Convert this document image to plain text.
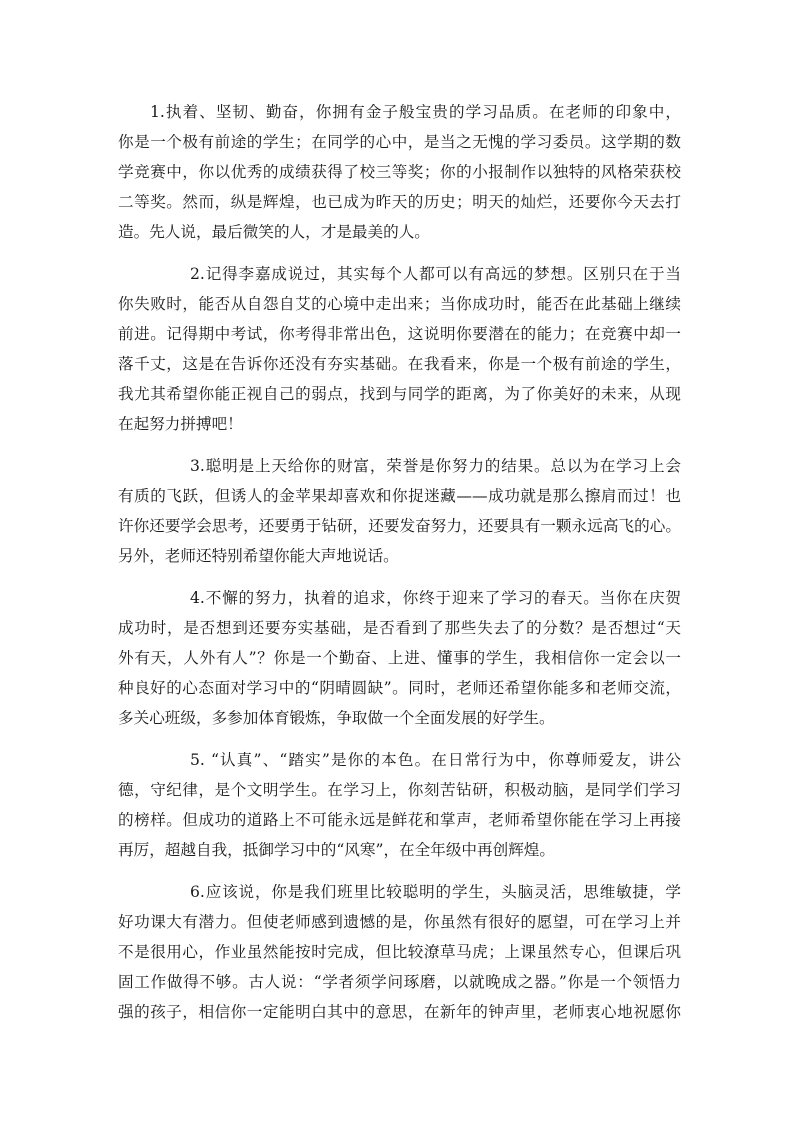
1.执着、坚韧、勤奋，你拥有金子般宝贵的学习品质。在老师的印象中，
你是一个极有前途的学生；在同学的心中，是当之无愧的学习委员。这学期的数
学竞赛中，你以优秀的成绩获得了校三等奖；你的小报制作以独特的风格荣获校
二等奖。然而，纵是辉煌，也已成为昨天的历史；明天的灿烂，还要你今天去打
造。先人说，最后微笑的人，才是最美的人。

2.记得李嘉成说过，其实每个人都可以有高远的梦想。区别只在于当
你失败时，能否从自怨自艾的心境中走出来；当你成功时，能否在此基础上继续
前进。记得期中考试，你考得非常出色，这说明你要潜在的能力；在竞赛中却一
落千丈，这是在告诉你还没有夯实基础。在我看来，你是一个极有前途的学生，
我尤其希望你能正视自己的弱点，找到与同学的距离，为了你美好的未来，从现
在起努力拼搏吧！

3.聪明是上天给你的财富，荣誉是你努力的结果。总以为在学习上会
有质的飞跃，但诱人的金苹果却喜欢和你捉迷藏——成功就是那么擦肩而过！也
许你还要学会思考，还要勇于钻研，还要发奋努力，还要具有一颗永远高飞的心。
另外，老师还特别希望你能大声地说话。

4.不懈的努力，执着的追求，你终于迎来了学习的春天。当你在庆贺
成功时，是否想到还要夯实基础，是否看到了那些失去了的分数？是否想过“天
外有天，人外有人”？你是一个勤奋、上进、懂事的学生，我相信你一定会以一
种良好的心态面对学习中的“阴晴圆缺”。同时，老师还希望你能多和老师交流，
多关心班级，多参加体育锻炼，争取做一个全面发展的好学生。

5. “认真”、“踏实”是你的本色。在日常行为中，你尊师爱友，讲公
德，守纪律，是个文明学生。在学习上，你刻苦钻研，积极动脑，是同学们学习
的榜样。但成功的道路上不可能永远是鲜花和掌声，老师希望你能在学习上再接
再厉，超越自我，抵御学习中的“风寒”，在全年级中再创辉煌。

6.应该说，你是我们班里比较聪明的学生，头脑灵活，思维敏捷，学
好功课大有潜力。但使老师感到遗憾的是，你虽然有很好的愿望，可在学习上并
不是很用心，作业虽然能按时完成，但比较潦草马虎；上课虽然专心，但课后巩
固工作做得不够。古人说：“学者须学问琢磨，以就晚成之器。”你是一个领悟力
强的孩子，相信你一定能明白其中的意思，在新年的钟声里，老师衷心地祝愿你
